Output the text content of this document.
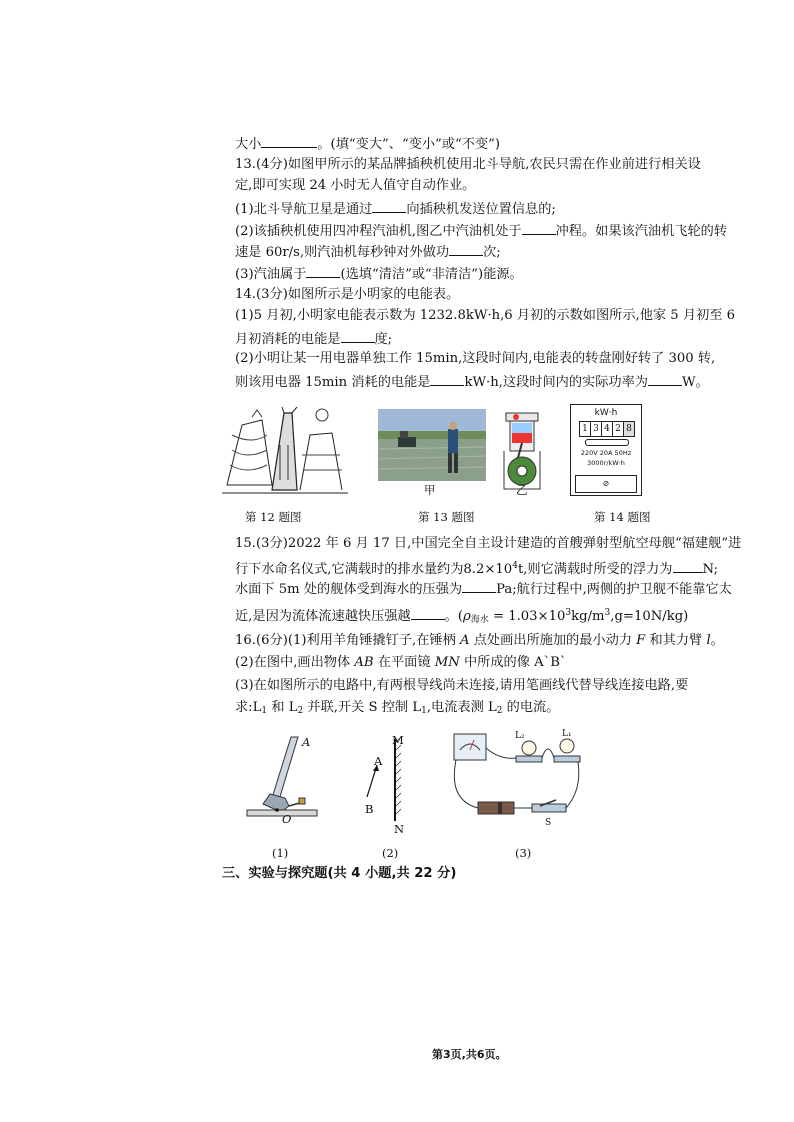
大小	。(填“变大”、“变小”或“不变”)
13.(4分)如图甲所示的某品牌插秧机使用北斗导航,农民只需在作业前进行相关设
定,即可实现 24 小时无人值守自动作业。
(1)北斗导航卫星是通过	向插秧机发送位置信息的;
(2)该插秧机使用四冲程汽油机,图乙中汽油机处于	冲程。如果该汽油机飞轮的转
速是 60r/s,则汽油机每秒钟对外做功	次;
(3)汽油属于	(选填“清洁”或“非清洁”)能源。
14.(3分)如图所示是小明家的电能表。
(1)5 月初,小明家电能表示数为 1232.8kW·h,6 月初的示数如图所示,他家 5 月初至 6
月初消耗的电能是	度;
(2)小明让某一用电器单独工作 15min,这段时间内,电能表的转盘刚好转了 300 转,
则该用电器 15min 消耗的电能是	kW·h,这段时间内的实际功率为	W。
第 12 题图
甲	乙
第 13 题图
kW·h
1 3 4 2 8
220V 20A 50Hz
3000r/kW·h
⊘
第 14 题图
15.(3分)2022 年 6 月 17 日,中国完全自主设计建造的首艘弹射型航空母舰“福建舰”进
行下水命名仪式,它满载时的排水量约为$8.2\times 10^4t$,则它满载时所受的浮力为 N;
水面下 5m 处的舰体受到海水的压强为	Pa;航行过程中,两侧的护卫舰不能靠它太
近,是因为流体流速越快压强越	。$(\rho_{海水} = 1.03\times 10^3kg/m^3,g=10N/kg)$
16.(6分)(1)利用羊角锤撬钉子,在锤柄 A 点处画出所施加的最小动力 F 和其力臂 l。
(2)在图中,画出物体 AB 在平面镜 MN 中所成的像 A`B`
(3)在如图所示的电路中,有两根导线尚未连接,请用笔画线代替导线连接电路,要
求$:L_1$ 和 $L_2$ 并联,开关 S 控制 $L_1$,电流表测 $L_2$ 的电流。
A
O
(1)
M
N
A
B
(2)
L₂	L₁
S
(3)
三、实验与探究题(共 4 小题,共 22 分)
第3页,共6页。
